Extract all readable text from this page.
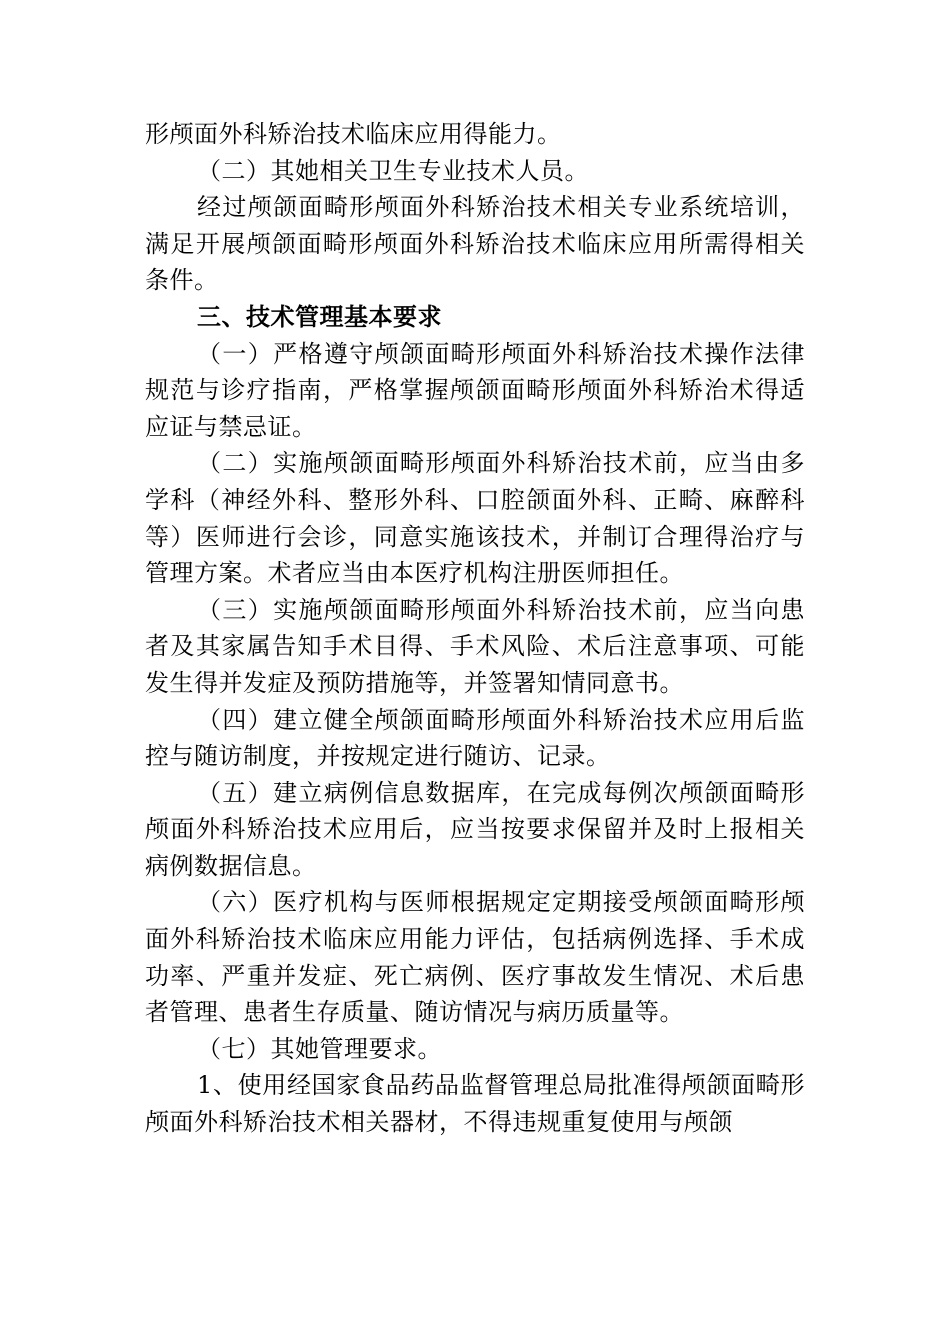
形颅面外科矫治技术临床应用得能力。

（二）其她相关卫生专业技术人员。

经过颅颌面畸形颅面外科矫治技术相关专业系统培训，满足开展颅颌面畸形颅面外科矫治技术临床应用所需得相关条件。

三、技术管理基本要求

（一）严格遵守颅颌面畸形颅面外科矫治技术操作法律规范与诊疗指南，严格掌握颅颌面畸形颅面外科矫治术得适应证与禁忌证。

（二）实施颅颌面畸形颅面外科矫治技术前，应当由多学科（神经外科、整形外科、口腔颌面外科、正畸、麻醉科等）医师进行会诊，同意实施该技术，并制订合理得治疗与管理方案。术者应当由本医疗机构注册医师担任。

（三）实施颅颌面畸形颅面外科矫治技术前，应当向患者及其家属告知手术目得、手术风险、术后注意事项、可能发生得并发症及预防措施等，并签署知情同意书。

（四）建立健全颅颌面畸形颅面外科矫治技术应用后监控与随访制度，并按规定进行随访、记录。

（五）建立病例信息数据库，在完成每例次颅颌面畸形颅面外科矫治技术应用后，应当按要求保留并及时上报相关病例数据信息。

（六）医疗机构与医师根据规定定期接受颅颌面畸形颅面外科矫治技术临床应用能力评估，包括病例选择、手术成功率、严重并发症、死亡病例、医疗事故发生情况、术后患者管理、患者生存质量、随访情况与病历质量等。

（七）其她管理要求。

1、使用经国家食品药品监督管理总局批准得颅颌面畸形颅面外科矫治技术相关器材，不得违规重复使用与颅颌
